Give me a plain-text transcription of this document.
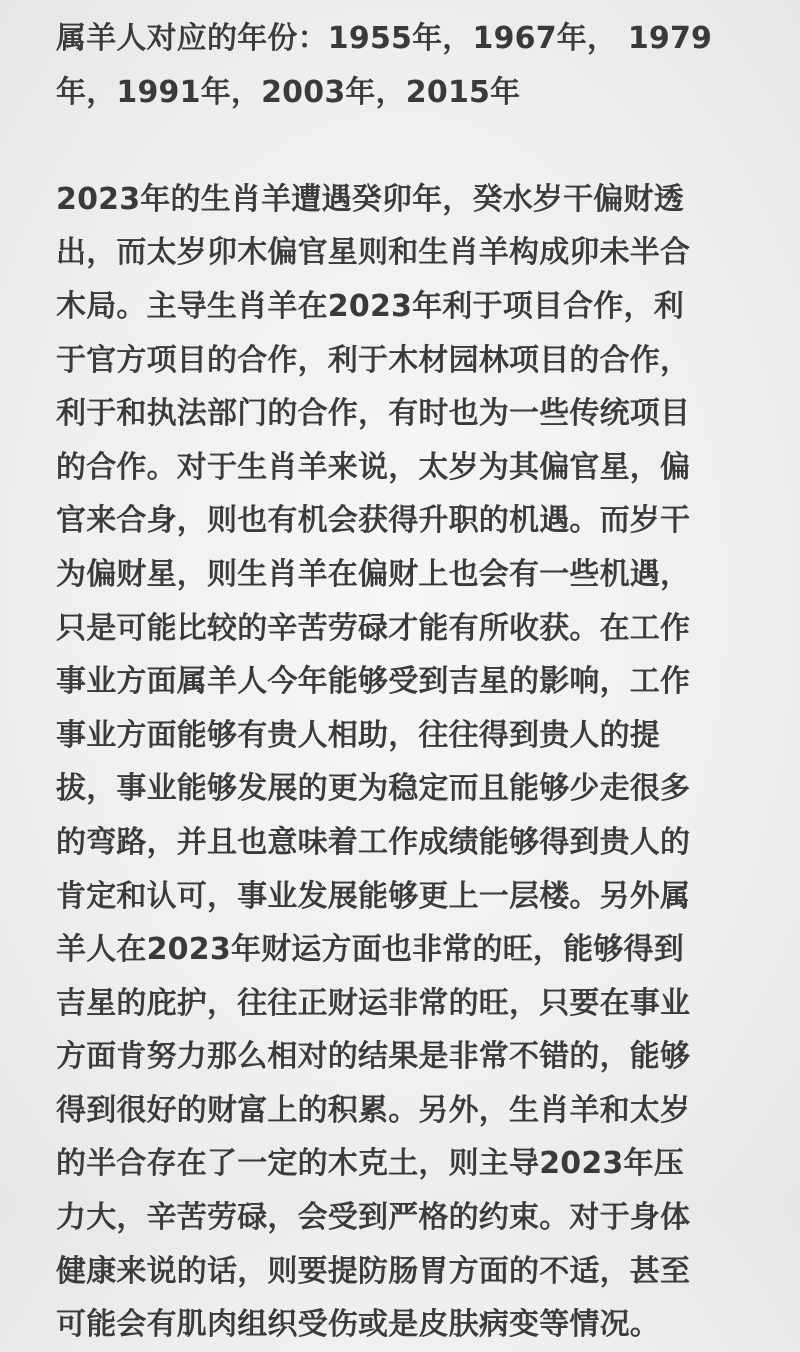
属羊人对应的年份：1955年，1967年， 1979
年，1991年，2003年，2015年
2023年的生肖羊遭遇癸卯年，癸水岁干偏财透
出，而太岁卯木偏官星则和生肖羊构成卯未半合
木局。主导生肖羊在2023年利于项目合作，利
于官方项目的合作，利于木材园林项目的合作，
利于和执法部门的合作，有时也为一些传统项目
的合作。对于生肖羊来说，太岁为其偏官星，偏
官来合身，则也有机会获得升职的机遇。而岁干
为偏财星，则生肖羊在偏财上也会有一些机遇，
只是可能比较的辛苦劳碌才能有所收获。在工作
事业方面属羊人今年能够受到吉星的影响，工作
事业方面能够有贵人相助，往往得到贵人的提
拔，事业能够发展的更为稳定而且能够少走很多
的弯路，并且也意味着工作成绩能够得到贵人的
肯定和认可，事业发展能够更上一层楼。另外属
羊人在2023年财运方面也非常的旺，能够得到
吉星的庇护，往往正财运非常的旺，只要在事业
方面肯努力那么相对的结果是非常不错的，能够
得到很好的财富上的积累。另外，生肖羊和太岁
的半合存在了一定的木克土，则主导2023年压
力大，辛苦劳碌，会受到严格的约束。对于身体
健康来说的话，则要提防肠胃方面的不适，甚至
可能会有肌肉组织受伤或是皮肤病变等情况。
